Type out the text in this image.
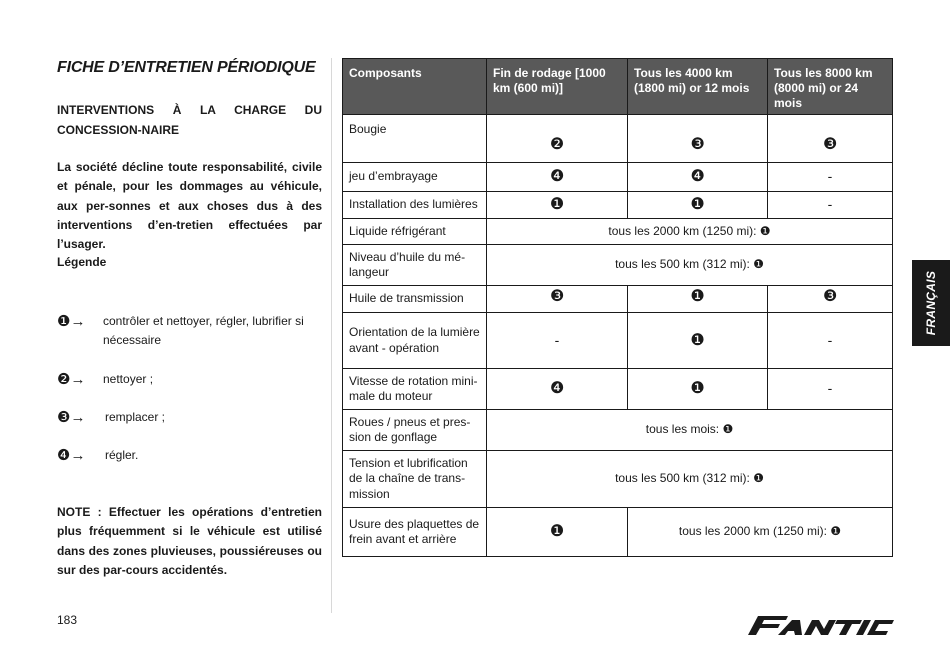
FICHE D’ENTRETIEN PÉRIODIQUE
INTERVENTIONS À LA CHARGE DU CONCESSION-NAIRE
La société décline toute responsabilité, civile et pénale, pour les dommages au véhicule, aux per-sonnes et aux choses dus à des interventions d’en-tretien effectuées par l’usager.
Légende
❶→	contrôler et nettoyer, régler, lubrifier si nécessaire
❷→	nettoyer ;
❸→	remplacer ;
❹→	régler.
NOTE : Effectuer les opérations d’entretien plus fréquemment si le véhicule est utilisé dans des zones pluvieuses, poussiéreuses ou sur des par-cours accidentés.
183
Composants	Fin de rodage [1000 km (600 mi)]	Tous les 4000 km (1800 mi) or 12 mois	Tous les 8000 km (8000 mi) or 24 mois
Bougie	❷	❸	❸
jeu d’embrayage	❹	❹	-
Installation des lumières	❶	❶	-
Liquide réfrigérant	tous les 2000 km (1250 mi): ❶		
Niveau d’huile du mé-langeur	tous les 500 km (312 mi): ❶		
Huile de transmission	❸	❶	❸
Orientation de la lumière avant - opération	-	❶	-
Vitesse de rotation mini-male du moteur	❹	❶	-
Roues / pneus et pres-sion de gonflage	tous les mois: ❶		
Tension et lubrification de la chaîne de trans-mission	tous les 500 km (312 mi): ❶		
Usure des plaquettes de frein avant et arrière	❶	tous les 2000 km (1250 mi): ❶	
FRANÇAIS
